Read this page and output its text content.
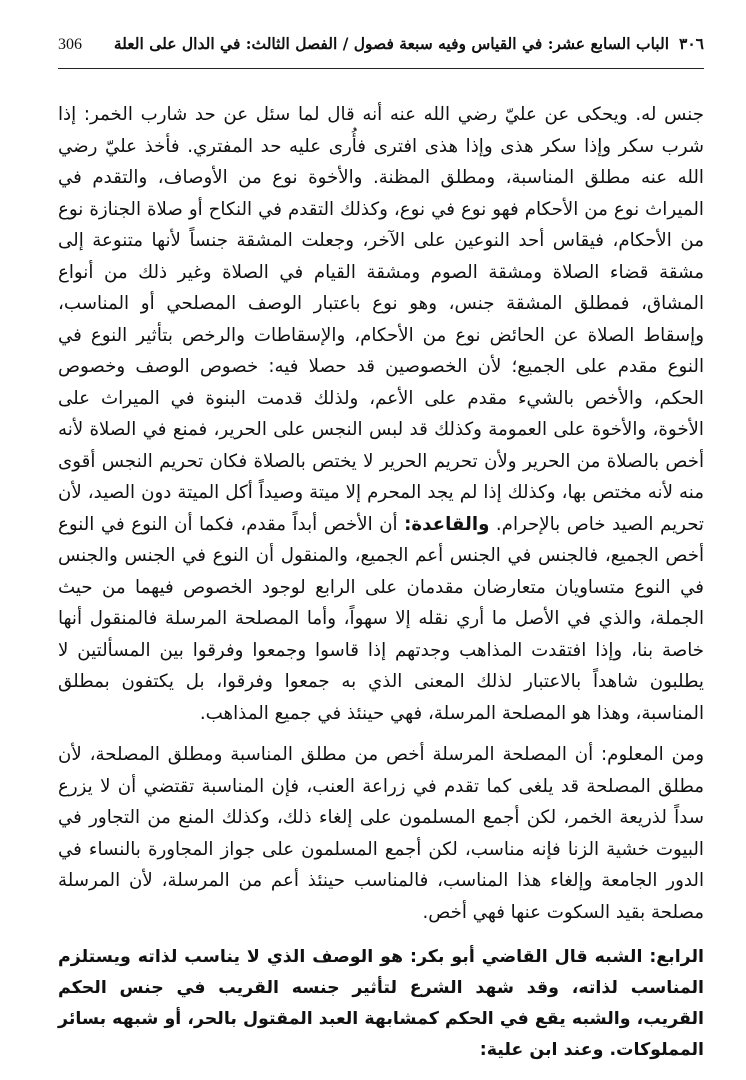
306	٣٠٦الباب السابع عشر: في القياس وفيه سبعة فصول / الفصل الثالث: في الدال على العلة

جنس له. ويحكى عن عليّ رضي الله عنه أنه قال لما سئل عن حد شارب الخمر: إذا شرب سكر وإذا سكر هذى وإذا هذى افترى فأُرى عليه حد المفتري. فأخذ عليّ رضي الله عنه مطلق المناسبة، ومطلق المظنة. والأخوة نوع من الأوصاف، والتقدم في الميراث نوع من الأحكام فهو نوع في نوع، وكذلك التقدم في النكاح أو صلاة الجنازة نوع من الأحكام، فيقاس أحد النوعين على الآخر، وجعلت المشقة جنساً لأنها متنوعة إلى مشقة قضاء الصلاة ومشقة الصوم ومشقة القيام في الصلاة وغير ذلك من أنواع المشاق، فمطلق المشقة جنس، وهو نوع باعتبار الوصف المصلحي أو المناسب، وإسقاط الصلاة عن الحائض نوع من الأحكام، والإسقاطات والرخص بتأثير النوع في النوع مقدم على الجميع؛ لأن الخصوصين قد حصلا فيه: خصوص الوصف وخصوص الحكم، والأخص بالشيء مقدم على الأعم، ولذلك قدمت البنوة في الميراث على الأخوة، والأخوة على العمومة وكذلك قد لبس النجس على الحرير، فمنع في الصلاة لأنه أخص بالصلاة من الحرير ولأن تحريم الحرير لا يختص بالصلاة فكان تحريم النجس أقوى منه لأنه مختص بها، وكذلك إذا لم يجد المحرم إلا ميتة وصيداً أكل الميتة دون الصيد، لأن تحريم الصيد خاص بالإحرام. والقاعدة: أن الأخص أبداً مقدم، فكما أن النوع في النوع أخص الجميع، فالجنس في الجنس أعم الجميع، والمنقول أن النوع في الجنس والجنس في النوع متساويان متعارضان مقدمان على الرابع لوجود الخصوص فيهما من حيث الجملة، والذي في الأصل ما أري نقله إلا سهواً، وأما المصلحة المرسلة فالمنقول أنها خاصة بنا، وإذا افتقدت المذاهب وجدتهم إذا قاسوا وجمعوا وفرقوا بين المسألتين لا يطلبون شاهداً بالاعتبار لذلك المعنى الذي به جمعوا وفرقوا، بل يكتفون بمطلق المناسبة، وهذا هو المصلحة المرسلة، فهي حينئذ في جميع المذاهب.

ومن المعلوم: أن المصلحة المرسلة أخص من مطلق المناسبة ومطلق المصلحة، لأن مطلق المصلحة قد يلغى كما تقدم في زراعة العنب، فإن المناسبة تقتضي أن لا يزرع سداً لذريعة الخمر، لكن أجمع المسلمون على إلغاء ذلك، وكذلك المنع من التجاور في البيوت خشية الزنا فإنه مناسب، لكن أجمع المسلمون على جواز المجاورة بالنساء في الدور الجامعة وإلغاء هذا المناسب، فالمناسب حينئذ أعم من المرسلة، لأن المرسلة مصلحة بقيد السكوت عنها فهي أخص.

الرابع: الشبه قال القاضي أبو بكر: هو الوصف الذي لا يناسب لذاته ويستلزم المناسب لذاته، وقد شهد الشرع لتأثير جنسه القريب في جنس الحكم القريب، والشبه يقع في الحكم كمشابهة العبد المقتول بالحر، أو شبهه بسائر المملوكات. وعند ابن علية:
